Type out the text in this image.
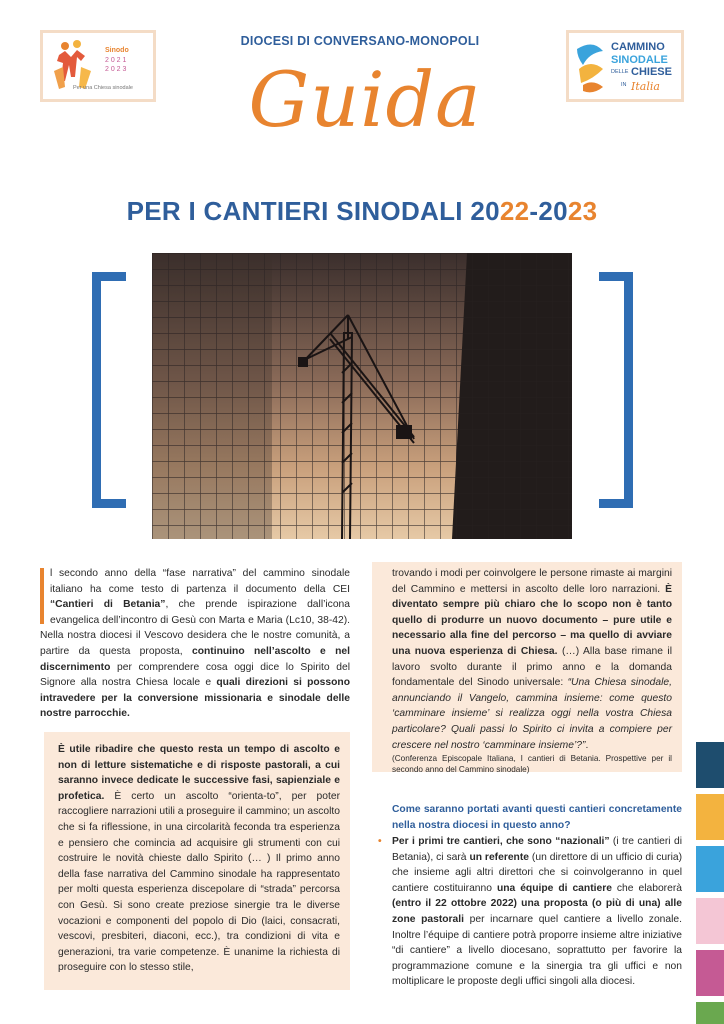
Sinodo
2 0 2 1
2 0 2 3
Per una Chiesa sinodale
CAMMINO
SINODALE
DELLE CHIESE
IN Italia
DIOCESI DI CONVERSANO-MONOPOLI
Guida
PER I CANTIERI SINODALI 2022-2023

l secondo anno della “fase narrativa” del cammino sinodale italiano ha come testo di partenza il documento della CEI “Cantieri di Betania”, che prende ispirazione dall’icona evangelica dell’incontro di Gesù con Marta e Maria (Lc10, 38-42). Nella nostra diocesi il Vescovo desidera che le nostre comunità, a partire da questa proposta, continuino nell’ascolto e nel discernimento per comprendere cosa oggi dice lo Spirito del Signore alla nostra Chiesa locale e quali direzioni si possono intravedere per la conversione missionaria e sinodale delle nostre parrocchie.

È utile ribadire che questo resta un tempo di ascolto e non di letture sistematiche e di risposte pastorali, a cui saranno invece dedicate le successive fasi, sapienziale e profetica. È certo un ascolto “orienta-to”, per poter raccogliere narrazioni utili a proseguire il cammino; un ascolto che si fa riflessione, in una circolarità feconda tra esperienza e pensiero che comincia ad acquisire gli strumenti con cui costruire le novità chieste dallo Spirito (… ) Il primo anno della fase narrativa del Cammino sinodale ha rappresentato per molti questa esperienza discepolare di “strada” percorsa con Gesù. Si sono create preziose sinergie tra le diverse vocazioni e componenti del popolo di Dio (laici, consacrati, vescovi, presbiteri, diaconi, ecc.), tra condizioni di vita e generazioni, tra varie competenze. È unanime la richiesta di proseguire con lo stesso stile,

trovando i modi per coinvolgere le persone rimaste ai margini del Cammino e mettersi in ascolto delle loro narrazioni. È diventato sempre più chiaro che lo scopo non è tanto quello di produrre un nuovo documento – pure utile e necessario alla fine del percorso – ma quello di avviare una nuova esperienza di Chiesa. (…) Alla base rimane il lavoro svolto durante il primo anno e la domanda fondamentale del Sinodo universale: “Una Chiesa sinodale, annunciando il Vangelo, cammina insieme: come questo ‘camminare insieme’ si realizza oggi nella vostra Chiesa particolare? Quali passi lo Spirito ci invita a compiere per crescere nel nostro ‘camminare insieme’?”.

(Conferenza Episcopale Italiana, I cantieri di Betania. Prospettive per il secondo anno del Cammino sinodale)

Come saranno portati avanti questi cantieri concretamente nella nostra diocesi in questo anno?
• Per i primi tre cantieri, che sono “nazionali” (i tre cantieri di Betania), ci sarà un referente (un direttore di un ufficio di curia) che insieme agli altri direttori che si coinvolgeranno in quel cantiere costituiranno una équipe di cantiere che elaborerà (entro il 22 ottobre 2022) una proposta (o più di una) alle zone pastorali per incarnare quel cantiere a livello zonale. Inoltre l’équipe di cantiere potrà proporre insieme altre iniziative “di cantiere” a livello diocesano, soprattutto per favorire la programmazione comune e la sinergia tra gli uffici e non moltiplicare le proposte degli uffici singoli alla diocesi.
